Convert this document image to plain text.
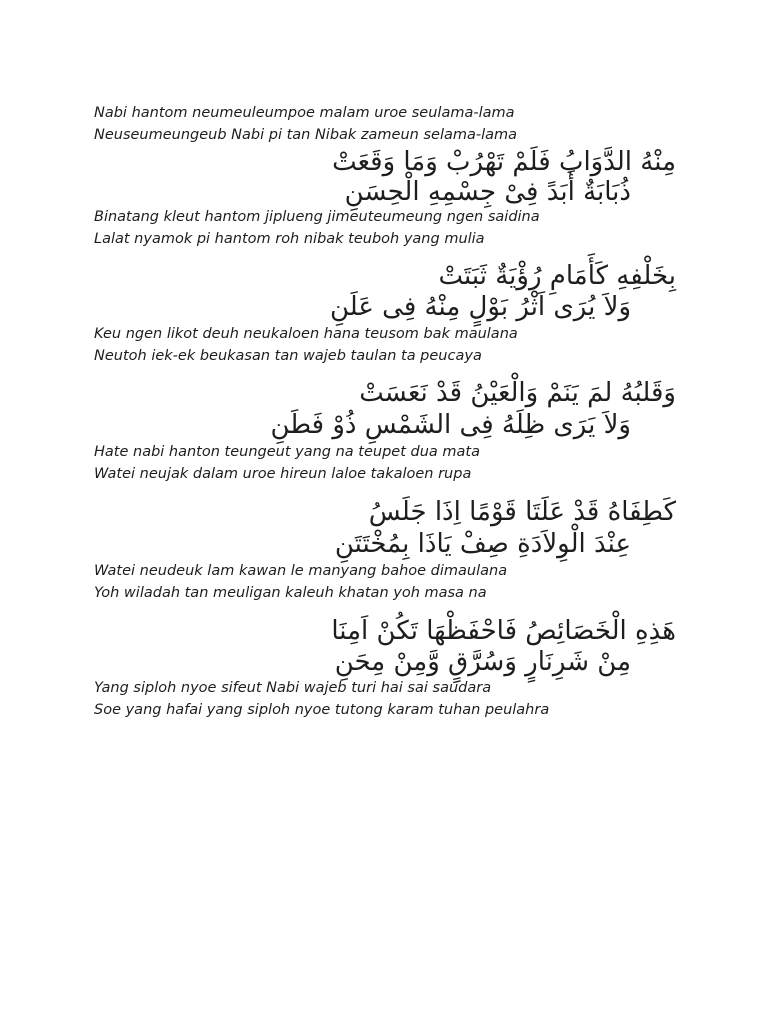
Nabi hantom neumeuleumpoe malam uroe seulama-lama
Neuseumeungeub Nabi pi tan Nibak zameun selama-lama
مِنْهُ الدَّوَابُ فَلَمْ تَهْرُبْ وَمَا وَقَعَتْ
ذُبَابَةٌ أَبَدً فِىْ جِسْمِهِ الْحِسَنِ
Binatang kleut hantom jiplueng jimeuteumeung ngen saidina
Lalat nyamok pi hantom roh nibak teuboh yang mulia
بِخَلْفِهِ كَأَمَامِ رُؤْيَةٌ ثَبَتَتْ
وَلاَ يُرَى اَثْرُ بَوْلٍ مِنْهُ فِى عَلَنِ
Keu ngen likot deuh neukaloen hana teusom bak maulana
Neutoh iek-ek beukasan tan wajeb taulan ta peucaya
وَقَلبُهُ لمَ يَنَمْ وَالْعَيْنُ قَدْ نَعَسَتْ
وَلاَ يَرَى ظِلَهُ فِى الشَمْسِ ذُوْ فَطَنِ
Hate nabi hanton teungeut yang na teupet dua mata
Watei neujak dalam uroe hireun laloe takaloen rupa
كَطِفَاهُ قَدْ عَلَتَا قَوْمًا اِذَا جَلَسُ
عِنْدَ الْوِلاَدَةِ صِفْ يَاذَا بِمُخْتَتَنِ
Watei neudeuk lam kawan le manyang bahoe dimaulana
Yoh wiladah tan meuligan kaleuh khatan yoh masa na
هَذِهِ الْخَصَائِصُ فَاحْفَظْهَا تَكُنْ اَمِنَا
مِنْ شَرِنَارٍ وَسُرَّقٍ وَّمِنْ مِحَنِ
Yang siploh nyoe sifeut Nabi wajeb turi hai sai saudara
Soe yang hafai yang siploh nyoe tutong karam tuhan peulahra
